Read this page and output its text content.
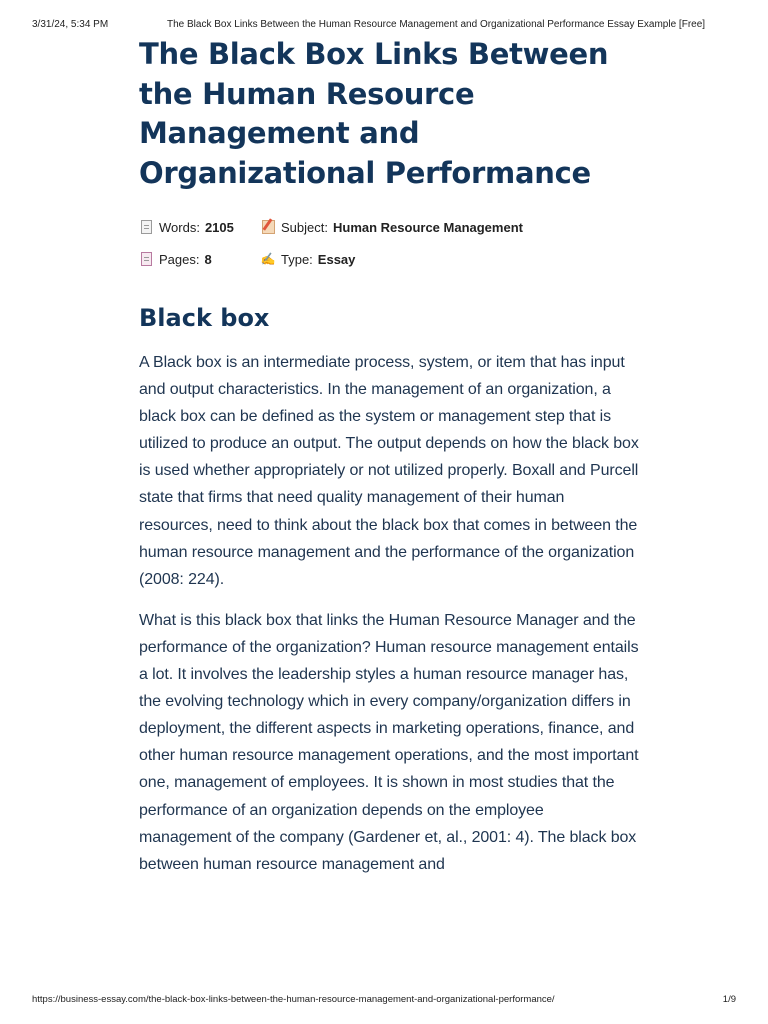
3/31/24, 5:34 PM	The Black Box Links Between the Human Resource Management and Organizational Performance Essay Example [Free]
The Black Box Links Between the Human Resource Management and Organizational Performance
Words: 2105	Subject: Human Resource Management
Pages: 8	✍ Type: Essay
Black box

A Black box is an intermediate process, system, or item that has input and output characteristics. In the management of an organization, a black box can be defined as the system or management step that is utilized to produce an output. The output depends on how the black box is used whether appropriately or not utilized properly. Boxall and Purcell state that firms that need quality management of their human resources, need to think about the black box that comes in between the human resource management and the performance of the organization (2008: 224).

What is this black box that links the Human Resource Manager and the performance of the organization? Human resource management entails a lot. It involves the leadership styles a human resource manager has, the evolving technology which in every company/organization differs in deployment, the different aspects in marketing operations, finance, and other human resource management operations, and the most important one, management of employees. It is shown in most studies that the performance of an organization depends on the employee management of the company (Gardener et, al., 2001: 4). The black box between human resource management and

https://business-essay.com/the-black-box-links-between-the-human-resource-management-and-organizational-performance/	1/9
